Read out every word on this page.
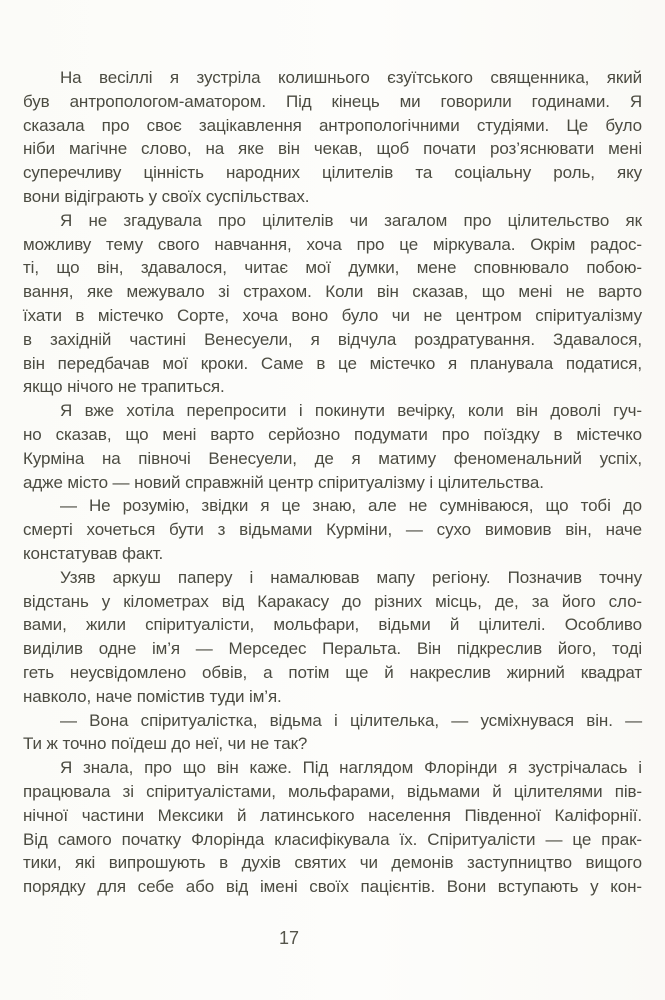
На весіллі я зустріла колишнього єзуїтського священника, який
був антропологом-аматором. Під кінець ми говорили годинами. Я
сказала про своє зацікавлення антропологічними студіями. Це було
ніби магічне слово, на яке він чекав, щоб почати роз’яснювати мені
суперечливу цінність народних цілителів та соціальну роль, яку
вони відіграють у своїх суспільствах.

Я не згадувала про цілителів чи загалом про цілительство як
можливу тему свого навчання, хоча про це міркувала. Окрім радос-
ті, що він, здавалося, читає мої думки, мене сповнювало побою-
вання, яке межувало зі страхом. Коли він сказав, що мені не варто
їхати в містечко Сорте, хоча воно було чи не центром спіритуалізму
в західній частині Венесуели, я відчула роздратування. Здавалося,
він передбачав мої кроки. Саме в це містечко я планувала податися,
якщо нічого не трапиться.

Я вже хотіла перепросити і покинути вечірку, коли він доволі гуч-
но сказав, що мені варто серйозно подумати про поїздку в містечко
Курміна на півночі Венесуели, де я матиму феноменальний успіх,
адже місто — новий справжній центр спіритуалізму і цілительства.

— Не розумію, звідки я це знаю, але не сумніваюся, що тобі до
смерті хочеться бути з відьмами Курміни, — сухо вимовив він, наче
констатував факт.

Узяв аркуш паперу і намалював мапу регіону. Позначив точну
відстань у кілометрах від Каракасу до різних місць, де, за його сло-
вами, жили спіритуалісти, мольфари, відьми й цілителі. Особливо
виділив одне ім’я — Мерседес Перальта. Він підкреслив його, тоді
геть неусвідомлено обвів, а потім ще й накреслив жирний квадрат
навколо, наче помістив туди ім’я.

— Вона спіритуалістка, відьма і цілителька, — усміхнувася він. —
Ти ж точно поїдеш до неї, чи не так?

Я знала, про що він каже. Під наглядом Флорінди я зустрічалась і
працювала зі спіритуалістами, мольфарами, відьмами й цілителями пів-
нічної частини Мексики й латинського населення Південної Каліфорнії.
Від самого початку Флорінда класифікувала їх. Спіритуалісти — це прак-
тики, які випрошують в духів святих чи демонів заступництво вищого
порядку для себе або від імені своїх пацієнтів. Вони вступають у кон-

17
